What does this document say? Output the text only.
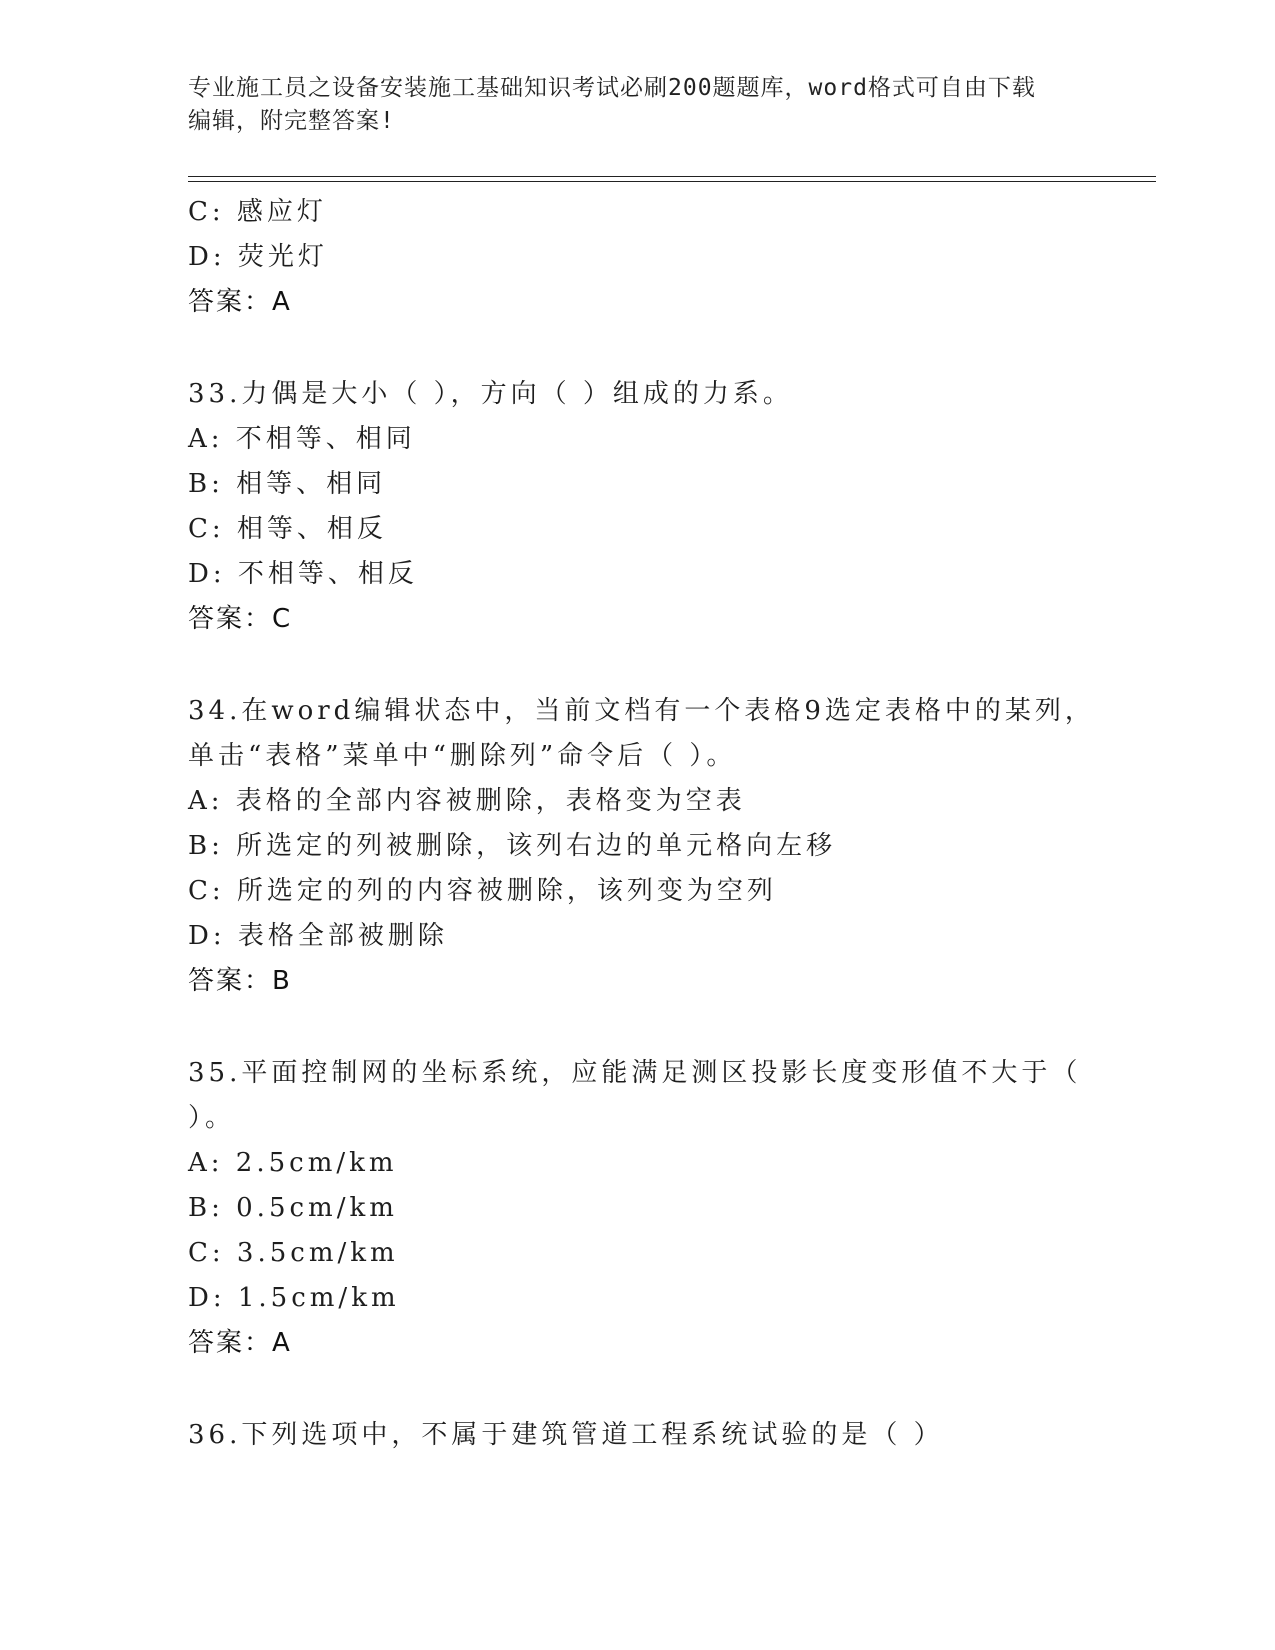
专业施工员之设备安装施工基础知识考试必刷200题题库，word格式可自由下载
编辑，附完整答案!
C: 感应灯
D: 荧光灯
答案：A
33.力偶是大小（ ），方向（ ）组成的力系。
A: 不相等、相同
B: 相等、相同
C: 相等、相反
D: 不相等、相反
答案：C
34.在word编辑状态中，当前文档有一个表格9选定表格中的某列，
单击“表格”菜单中“删除列”命令后（ ）。
A: 表格的全部内容被删除，表格变为空表
B: 所选定的列被删除，该列右边的单元格向左移
C: 所选定的列的内容被删除，该列变为空列
D: 表格全部被删除
答案：B
35.平面控制网的坐标系统，应能满足测区投影长度变形值不大于（
）。
A: 2.5cm/km
B: 0.5cm/km
C: 3.5cm/km
D: 1.5cm/km
答案：A
36.下列选项中，不属于建筑管道工程系统试验的是（ ）
